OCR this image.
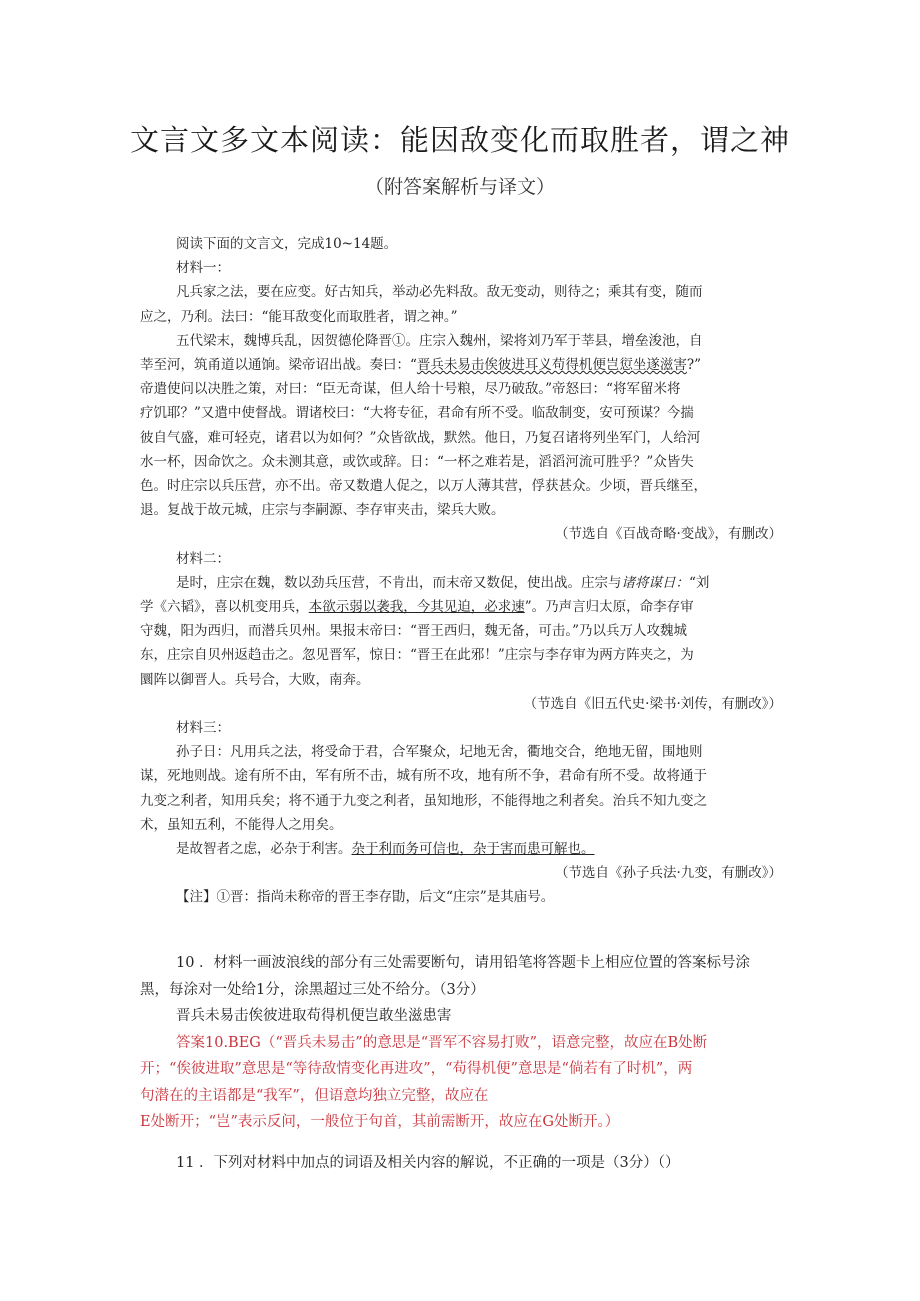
文言文多文本阅读：能因敌变化而取胜者，谓之神
（附答案解析与译文）
阅读下面的文言文，完成10~14题。
材料一：
凡兵家之法，要在应变。好古知兵，举动必先料敌。敌无变动，则待之；乘其有变，随而
应之，乃利。法曰：“能耳敌变化而取胜者，谓之神。”
五代梁末，魏博兵乱，因贺德伦降晋①。庄宗入魏州，梁将刘乃军于莘县，增垒浚池，自
莘至河，筑甬道以通饷。梁帝诏出战。奏曰：“晋兵未易击俟彼进耳义苟得机便岂愆坐遂滋害?”
帝遣使问以决胜之策，对曰：“臣无奇谋，但人给十号粮，尽乃破敌。”帝怒曰：“将军留米将
疗饥耶？”又遣中使督战。谓诸校曰：“大将专征，君命有所不受。临敌制变，安可预谋？今揣
彼自气盛，难可轻克，诸君以为如何？”众皆欲战，默然。他日，乃复召诸将列坐军门，人给河
水一杯，因命饮之。众未测其意，或饮或辞。日：“一杯之难若是，滔滔河流可胜乎？”众皆失
色。时庄宗以兵压营，亦不出。帝又数遣人促之，以万人薄其营，俘获甚众。少顷，晋兵继至，
退。复战于故元城，庄宗与李嗣源、李存审夹击，梁兵大败。
（节选自《百战奇略·变战》，有删改）
材料二：
是时，庄宗在魏，数以劲兵压营，不肯出，而末帝又数促，使出战。庄宗与诸将谋日：“刘
学《六韬》，喜以机变用兵，本欲示弱以袭我，今其见迫，必求速”。乃声言归太原，命李存审
守魏，阳为西归，而潜兵贝州。果报末帝曰：“晋王西归，魏无备，可击。”乃以兵万人攻魏城
东，庄宗自贝州返趋击之。忽见晋军，惊日：“晋王在此邪！”庄宗与李存审为两方阵夹之，为
圜阵以御晋人。兵号合，大败，南奔。
（节选自《旧五代史·梁书·刘传，有删改》）
材料三：
孙子日：凡用兵之法，将受命于君，合军聚众，圮地无舍，衢地交合，绝地无留，围地则
谋，死地则战。途有所不由，军有所不击，城有所不攻，地有所不争，君命有所不受。故将通于
九变之利者，知用兵矣；将不通于九变之利者，虽知地形，不能得地之利者矣。治兵不知九变之
术，虽知五利，不能得人之用矣。
是故智者之虑，必杂于利害。杂于利而务可信也，杂于害而患可解也。
（节选自《孙子兵法·九变，有删改》）
【注】①晋：指尚未称帝的晋王李存勖，后文“庄宗”是其庙号。
10 ．材料一画波浪线的部分有三处需要断句，请用铅笔将答题卡上相应位置的答案标号涂
黑，每涂对一处给1分，涂黑超过三处不给分。（3分）
晋兵未易击俟彼进取苟得机便岂敢坐滋患害
答案10.BEG（“晋兵未易击”的意思是“晋军不容易打败”，语意完整，故应在B处断
开；“俟彼进取”意思是“等待敌情变化再进攻”，“苟得机便”意思是“倘若有了时机”，两
句潜在的主语都是“我军”，但语意均独立完整，故应在
E处断开；“岂”表示反问，一般位于句首，其前需断开，故应在G处断开。）
11 ．下列对材料中加点的词语及相关内容的解说，不正确的一项是（3分）（）
